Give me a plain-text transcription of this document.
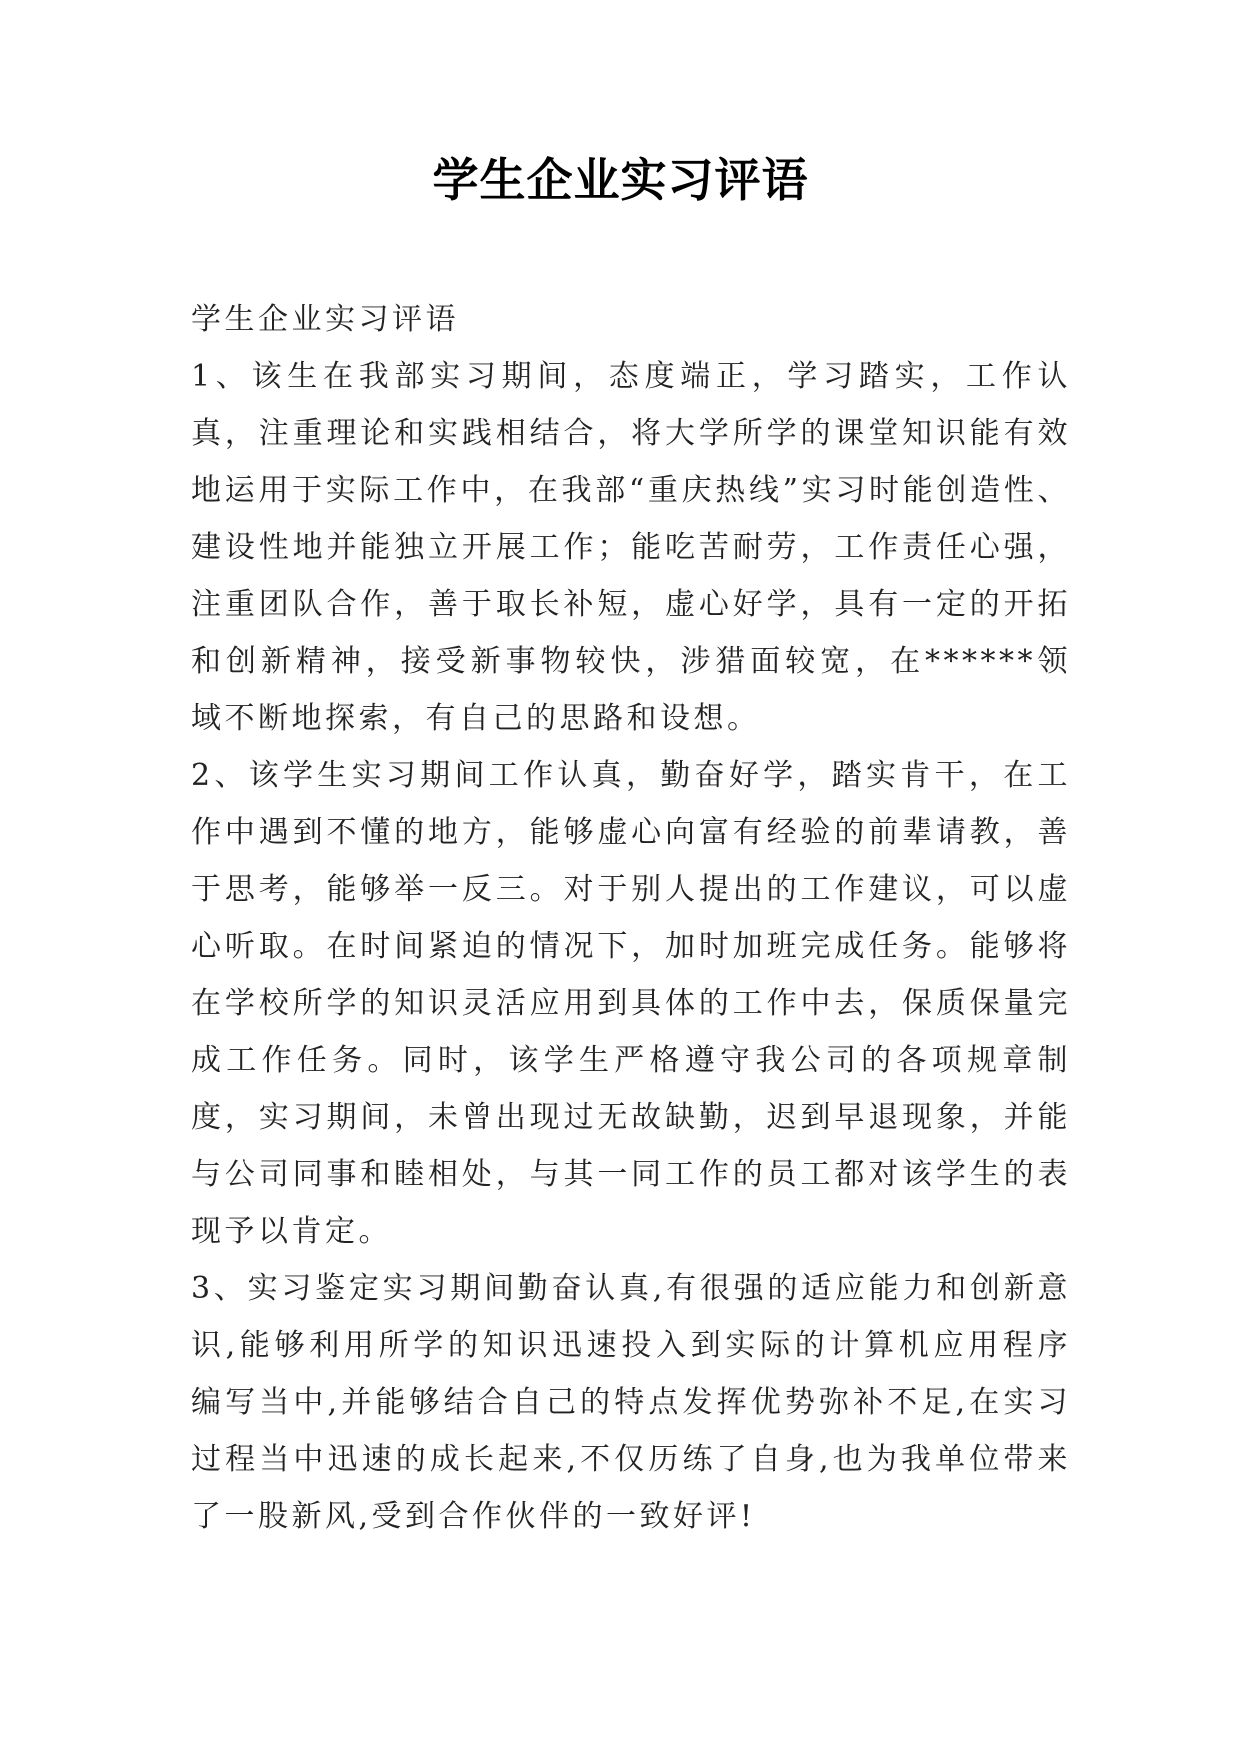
学生企业实习评语

学生企业实习评语

1、该生在我部实习期间，态度端正，学习踏实，工作认真，注重理论和实践相结合，将大学所学的课堂知识能有效地运用于实际工作中，在我部“重庆热线”实习时能创造性、建设性地并能独立开展工作；能吃苦耐劳，工作责任心强，注重团队合作，善于取长补短，虚心好学，具有一定的开拓和创新精神，接受新事物较快，涉猎面较宽，在******领域不断地探索，有自己的思路和设想。

2、该学生实习期间工作认真，勤奋好学，踏实肯干，在工作中遇到不懂的地方，能够虚心向富有经验的前辈请教，善于思考，能够举一反三。对于别人提出的工作建议，可以虚心听取。在时间紧迫的情况下，加时加班完成任务。能够将在学校所学的知识灵活应用到具体的工作中去，保质保量完成工作任务。同时，该学生严格遵守我公司的各项规章制度，实习期间，未曾出现过无故缺勤，迟到早退现象，并能与公司同事和睦相处，与其一同工作的员工都对该学生的表现予以肯定。

3、实习鉴定实习期间勤奋认真,有很强的适应能力和创新意识,能够利用所学的知识迅速投入到实际的计算机应用程序编写当中,并能够结合自己的特点发挥优势弥补不足,在实习过程当中迅速的成长起来,不仅历练了自身,也为我单位带来了一股新风,受到合作伙伴的一致好评!
